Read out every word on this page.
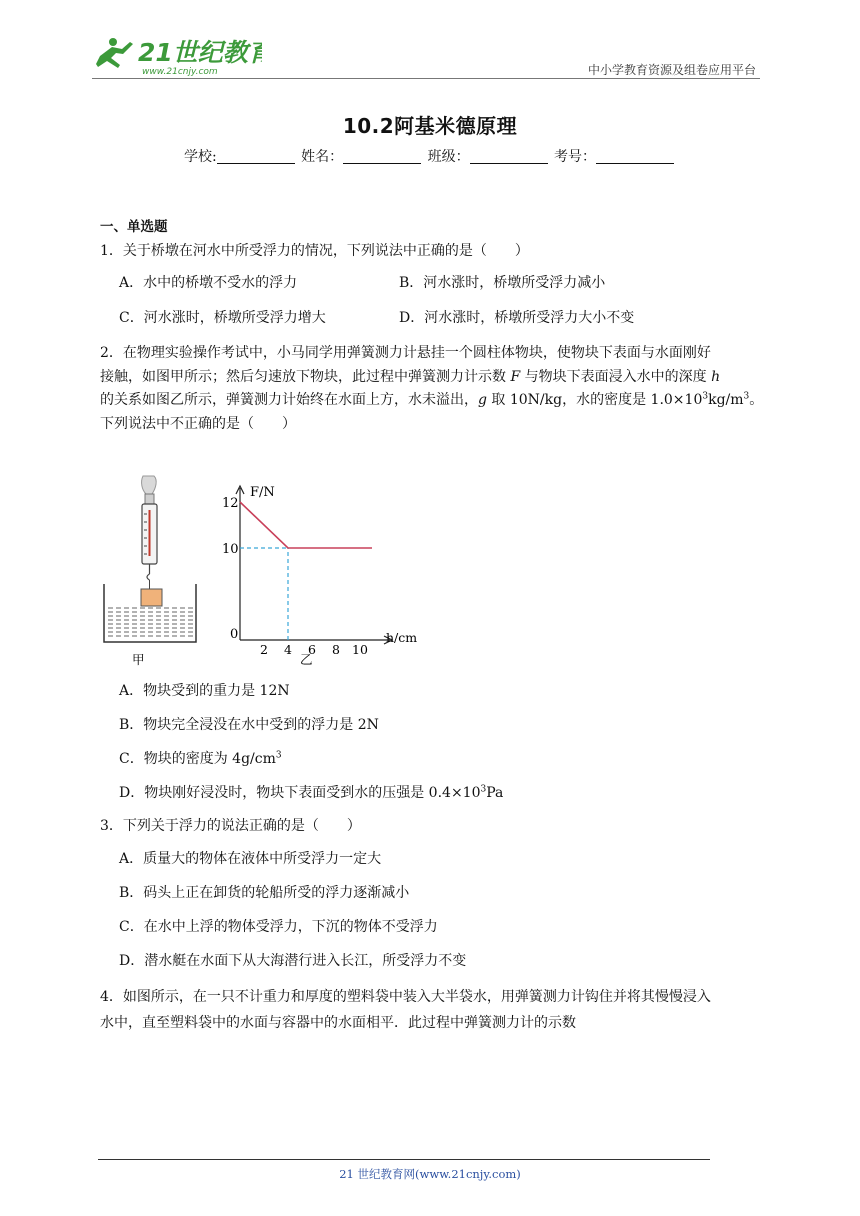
21世纪教育
www.21cnjy.com	中小学教育资源及组卷应用平台
10.2阿基米德原理
学校:	姓名：	班级：	考号：
一、单选题
1．关于桥墩在河水中所受浮力的情况，下列说法中正确的是（　　）
A．水中的桥墩不受水的浮力	B．河水涨时，桥墩所受浮力减小
C．河水涨时，桥墩所受浮力增大	D．河水涨时，桥墩所受浮力大小不变
2．在物理实验操作考试中，小马同学用弹簧测力计悬挂一个圆柱体物块，使物块下表面与水面刚好
接触，如图甲所示；然后匀速放下物块，此过程中弹簧测力计示数 F 与物块下表面浸入水中的深度 h
的关系如图乙所示，弹簧测力计始终在水面上方，水未溢出，g 取 10N/kg，水的密度是 $1.0\times 10^3kg/m^3$。
下列说法中不正确的是（　　）
甲
F/N
h/cm
0
12
10
2 4 6 8 10
乙
A．物块受到的重力是 12N
B．物块完全浸没在水中受到的浮力是 2N
C．物块的密度为 $4g/cm^3$
D．物块刚好浸没时，物块下表面受到水的压强是 $0.4\times 10^3Pa$
3．下列关于浮力的说法正确的是（　　）
A．质量大的物体在液体中所受浮力一定大
B．码头上正在卸货的轮船所受的浮力逐渐减小
C．在水中上浮的物体受浮力，下沉的物体不受浮力
D．潜水艇在水面下从大海潜行进入长江，所受浮力不变
4．如图所示，在一只不计重力和厚度的塑料袋中装入大半袋水，用弹簧测力计钩住并将其慢慢浸入
水中，直至塑料袋中的水面与容器中的水面相平．此过程中弹簧测力计的示数
21 世纪教育网(www.21cnjy.com)
